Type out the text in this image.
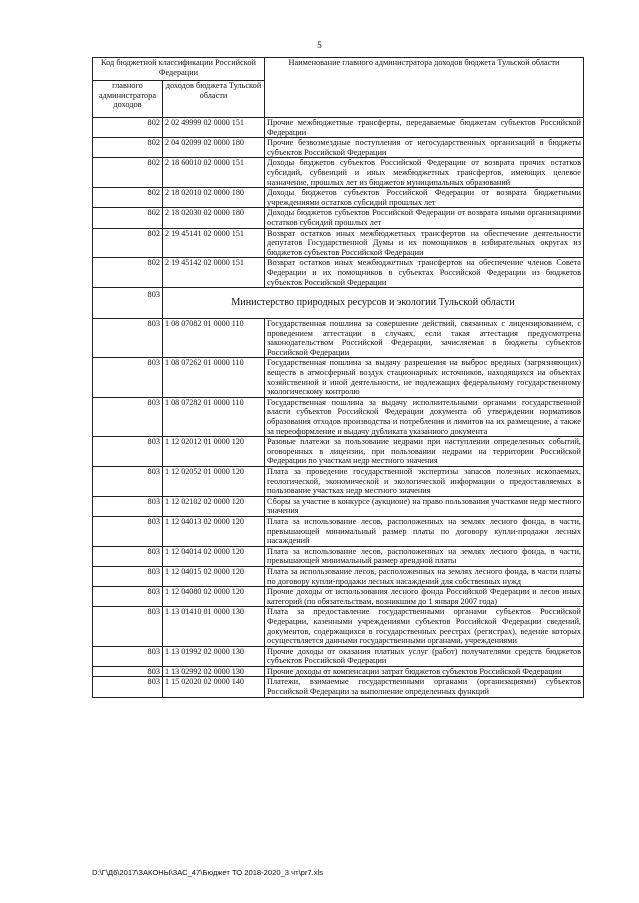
5
Код бюджетной классификации Российской Федерации		Наименование главного администратора доходов бюджета Тульской области
главного администратора доходов	доходов бюджета Тульской области	
802	2 02 49999 02 0000 151	Прочие межбюджетные трансферты, передаваемые бюджетам субъектов Российской Федерации
802	2 04 02099 02 0000 180	Прочие безвозмездные поступления от негосударственных организаций в бюджеты субъектов Российской Федерации
802	2 18 60010 02 0000 151	Доходы бюджетов субъектов Российской Федерации от возврата прочих остатков субсидий, субвенций и иных межбюджетных трансфертов, имеющих целевое назначение, прошлых лет из бюджетов муниципальных образований
802	2 18 02010 02 0000 180	Доходы бюджетов субъектов Российской Федерации от возврата бюджетными учреждениями остатков субсидий прошлых лет
802	2 18 02030 02 0000 180	Доходы бюджетов субъектов Российской Федерации от возврата иными организациями остатков субсидий прошлых лет
802	2 19 45141 02 0000 151	Возврат остатков иных межбюджетных трансфертов на обеспечение деятельности депутатов Государственной Думы и их помощников в избирательных округах из бюджетов субъектов Российской Федерации
802	2 19 45142 02 0000 151	Возврат остатков иных межбюджетных трансфертов на обеспечение членов Совета Федерации и их помощников в субъектах Российской Федерации из бюджетов субъектов Российской Федерации
803	Министерство природных ресурсов и экологии Тульской области	
803	1 08 07082 01 0000 110	Государственная пошлина за совершение действий, связанных с лицензированием, с проведением аттестации в случаях, если такая аттестация предусмотрена законодательством Российской Федерации, зачисляемая в бюджеты субъектов Российской Федерации
803	1 08 07262 01 0000 110	Государственная пошлина за выдачу разрешения на выброс вредных (загрязняющих) веществ в атмосферный воздух стационарных источников, находящихся на объектах хозяйственной и иной деятельности, не подлежащих федеральному государственному экологическому контролю
803	1 08 07282 01 0000 110	Государственная пошлина за выдачу исполнительными органами государственной власти субъектов Российской Федерации документа об утверждении нормативов образования отходов производства и потребления и лимитов на их размещение, а также за переоформление и выдачу дубликата указанного документа
803	1 12 02012 01 0000 120	Разовые платежи за пользование недрами при наступлении определенных событий, оговоренных в лицензии, при пользовании недрами на территории Российской Федерации по участкам недр местного значения
803	1 12 02052 01 0000 120	Плата за проведение государственной экспертизы запасов полезных ископаемых, геологической, экономической и экологической информации о предоставляемых в пользование участках недр местного значения
803	1 12 02102 02 0000 120	Сборы за участие в конкурсе (аукционе) на право пользования участками недр местного значения
803	1 12 04013 02 0000 120	Плата за использование лесов, расположенных на землях лесного фонда, в части, превышающей минимальный размер платы по договору купли-продажи лесных насаждений
803	1 12 04014 02 0000 120	Плата за использование лесов, расположенных на землях лесного фонда, в части, превышающей минимальный размер арендной платы
803	1 12 04015 02 0000 120	Плата за использование лесов, расположенных на землях лесного фонда, в части платы по договору купли-продажи лесных насаждений для собственных нужд
803	1 12 04080 02 0000 120	Прочие доходы от использования лесного фонда Российской Федерации и лесов иных категорий (по обязательствам, возникшим до 1 января 2007 года)
803	1 13 01410 01 0000 130	Плата за предоставление государственными органами субъектов Российской Федерации, казенными учреждениями субъектов Российской Федерации сведений, документов, содержащихся в государственных реестрах (регистрах), ведение которых осуществляется данными государственными органами, учреждениями
803	1 13 01992 02 0000 130	Прочие доходы от оказания платных услуг (работ) получателями средств бюджетов субъектов Российской Федерации
803	1 13 02992 02 0000 130	Прочие доходы от компенсации затрат бюджетов субъектов Российской Федерации
803	1 15 02020 02 0000 140	Платежи, взимаемые государственными органами (организациями) субъектов Российской Федерации за выполнение определенных функций
D:\Г\Д6\2017\ЗАКОНЫ\ЗАС_47\Бюджет ТО 2018-2020_3 чт\pr7.xls
